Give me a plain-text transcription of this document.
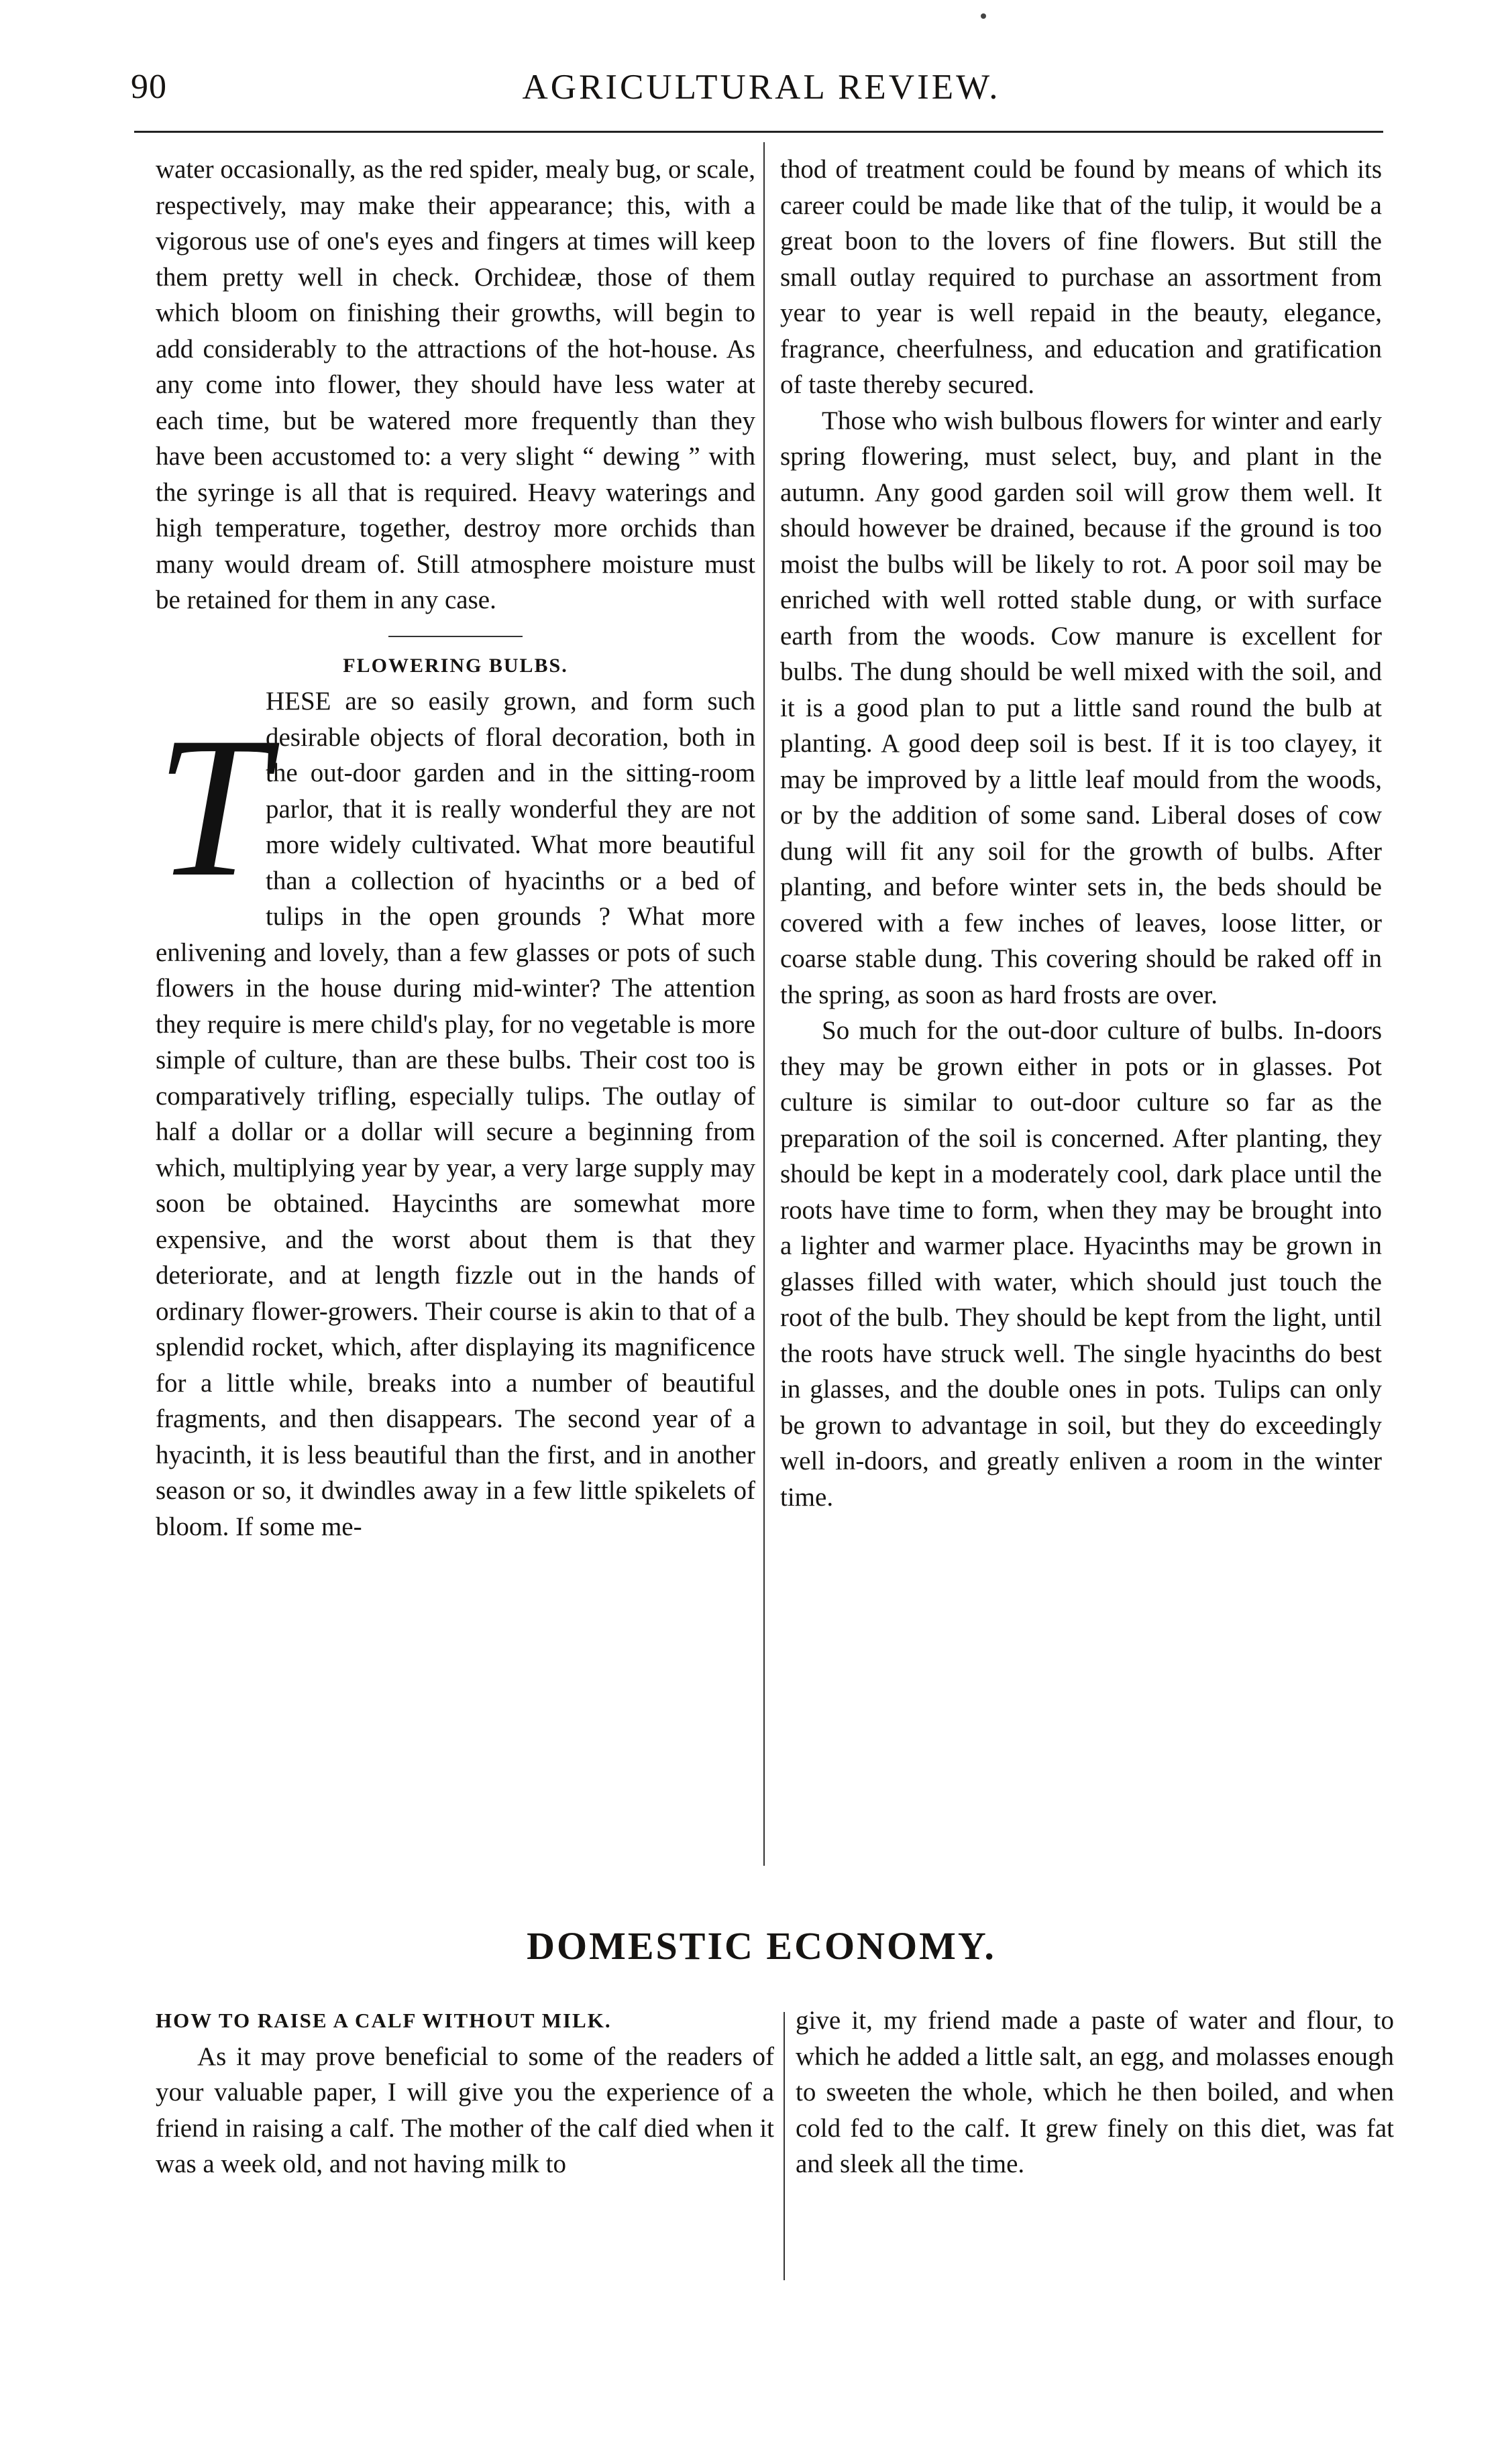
90	AGRICULTURAL REVIEW.

water occasionally, as the red spider, mealy bug, or scale, respectively, may make their appearance; this, with a vigorous use of one's eyes and fingers at times will keep them pretty well in check. Orchideæ, those of them which bloom on finishing their growths, will begin to add considerably to the attractions of the hot-house. As any come into flower, they should have less water at each time, but be watered more frequently than they have been accustomed to: a very slight “ dewing ” with the syringe is all that is required. Heavy waterings and high temperature, together, destroy more orchids than many would dream of. Still atmosphere moisture must be retained for them in any case.

FLOWERING BULBS.

T

HESE are so easily grown, and form such desirable objects of floral decoration, both in the out-door garden and in the sitting-room parlor, that it is really wonderful they are not more widely cultivated. What more beautiful than a collection of hyacinths or a bed of tulips in the open grounds ? What more enlivening and lovely, than a few glasses or pots of such flowers in the house during mid-winter? The attention they require is mere child's play, for no vegetable is more simple of culture, than are these bulbs. Their cost too is comparatively trifling, especially tulips. The outlay of half a dollar or a dollar will secure a beginning from which, multiplying year by year, a very large supply may soon be obtained. Haycinths are somewhat more expensive, and the worst about them is that they deteriorate, and at length fizzle out in the hands of ordinary flower-growers. Their course is akin to that of a splendid rocket, which, after displaying its magnificence for a little while, breaks into a number of beautiful fragments, and then disappears. The second year of a hyacinth, it is less beautiful than the first, and in another season or so, it dwindles away in a few little spikelets of bloom. If some me-

thod of treatment could be found by means of which its career could be made like that of the tulip, it would be a great boon to the lovers of fine flowers. But still the small outlay required to purchase an assortment from year to year is well repaid in the beauty, elegance, fragrance, cheerfulness, and education and gratification of taste thereby secured.

Those who wish bulbous flowers for winter and early spring flowering, must select, buy, and plant in the autumn. Any good garden soil will grow them well. It should however be drained, because if the ground is too moist the bulbs will be likely to rot. A poor soil may be enriched with well rotted stable dung, or with surface earth from the woods. Cow manure is excellent for bulbs. The dung should be well mixed with the soil, and it is a good plan to put a little sand round the bulb at planting. A good deep soil is best. If it is too clayey, it may be improved by a little leaf mould from the woods, or by the addition of some sand. Liberal doses of cow dung will fit any soil for the growth of bulbs. After planting, and before winter sets in, the beds should be covered with a few inches of leaves, loose litter, or coarse stable dung. This covering should be raked off in the spring, as soon as hard frosts are over.

So much for the out-door culture of bulbs. In-doors they may be grown either in pots or in glasses. Pot culture is similar to out-door culture so far as the preparation of the soil is concerned. After planting, they should be kept in a moderately cool, dark place until the roots have time to form, when they may be brought into a lighter and warmer place. Hyacinths may be grown in glasses filled with water, which should just touch the root of the bulb. They should be kept from the light, until the roots have struck well. The single hyacinths do best in glasses, and the double ones in pots. Tulips can only be grown to advantage in soil, but they do exceedingly well in-doors, and greatly enliven a room in the winter time.

DOMESTIC ECONOMY.

HOW TO RAISE A CALF WITHOUT MILK.

As it may prove beneficial to some of the readers of your valuable paper, I will give you the experience of a friend in raising a calf. The mother of the calf died when it was a week old, and not having milk to

give it, my friend made a paste of water and flour, to which he added a little salt, an egg, and molasses enough to sweeten the whole, which he then boiled, and when cold fed to the calf. It grew finely on this diet, was fat and sleek all the time.
